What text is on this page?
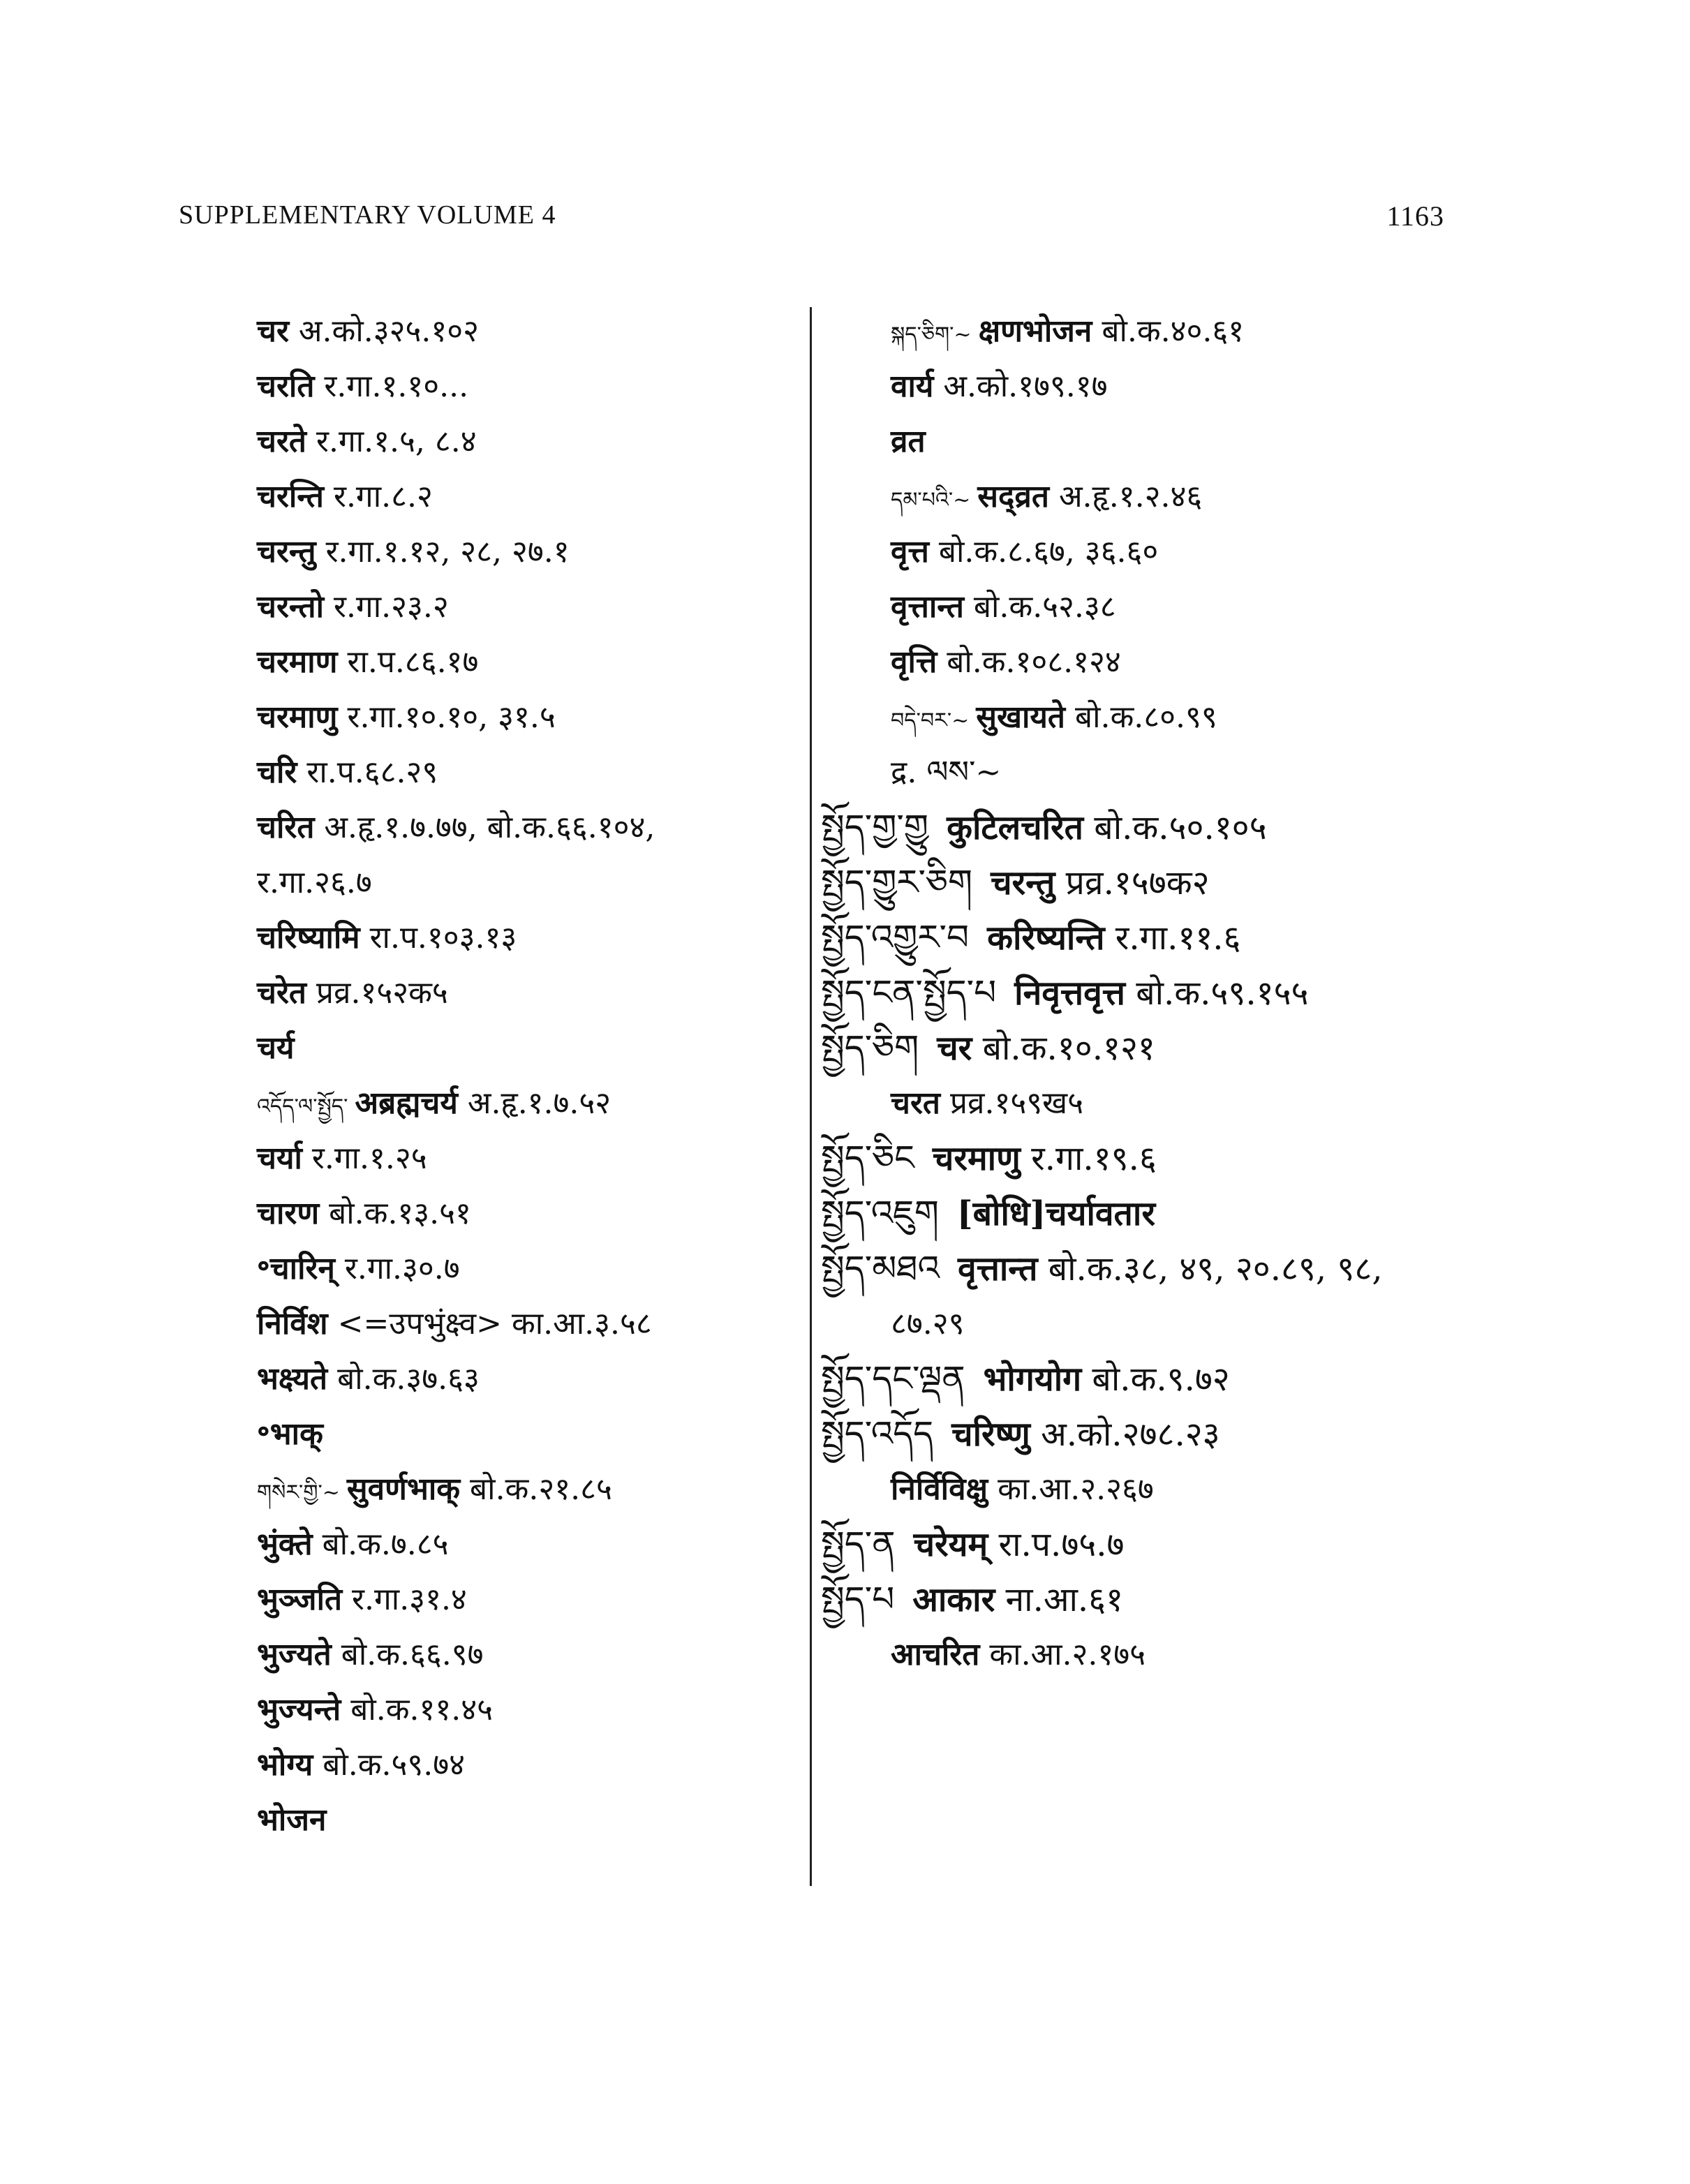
SUPPLEMENTARY VOLUME 4	1163
चर अ.को.३२५.१०२
चरति र.गा.१.१०...
चरते र.गा.१.५, ८.४
चरन्ति र.गा.८.२
चरन्तु र.गा.१.१२, २८, २७.१
चरन्तो र.गा.२३.२
चरमाण रा.प.८६.१७
चरमाणु र.गा.१०.१०, ३१.५
चरि रा.प.६८.२९
चरित अ.हृ.१.७.७७, बो.क.६६.१०४,
र.गा.२६.७
चरिष्यामि रा.प.१०३.१३
चरेत प्रव्र.१५२क५
चर्य
འདོད་ལ་སྤྱོད་ अब्रह्मचर्य अ.हृ.१.७.५२
चर्या र.गा.१.२५
चारण बो.क.१३.५१
॰चारिन् र.गा.३०.७
निर्विश <=उपभुंक्ष्व> का.आ.३.५८
भक्ष्यते बो.क.३७.६३
॰भाक्
གསེར་གྱི་~ सुवर्णभाक् बो.क.२१.८५
भुंक्ते बो.क.७.८५
भुञ्जति र.गा.३१.४
भुज्यते बो.क.६६.९७
भुज्यन्ते बो.क.११.४५
भोग्य बो.क.५९.७४
भोजन
སྐད་ཅིག་~ क्षणभोजन बो.क.४०.६१
वार्य अ.को.१७९.१७
व्रत
དམ་པའི་~ सद्व्रत अ.हृ.१.२.४६
वृत्त बो.क.८.६७, ३६.६०
वृत्तान्त बो.क.५२.३८
वृत्ति बो.क.१०८.१२४
བདེ་བར་~ सुखायते बो.क.८०.९९
द्र. ལས་~
སྤྱོད་གྱ་གྱུ कुटिलचरित बो.क.५०.१०५
སྤྱོད་གྱུར་ཅིག चरन्तु प्रव्र.१५७क२
སྤྱོད་འགྱུར་བ करिष्यन्ति र.गा.११.६
སྤྱོད་ངན་སྤྱོད་པ निवृत्तवृत्त बो.क.५९.१५५
སྤྱོད་ཅིག चर बो.क.१०.१२१
चरत प्रव्र.१५९ख५
སྤྱོད་ཅིང चरमाणु र.गा.१९.६
སྤྱོད་འཇུག [बोधि]चर्यावतार
སྤྱོད་མཐའ वृत्तान्त बो.क.३८, ४९, २०.८९, ९८,
८७.२९
སྤྱོད་དང་ལྡན भोगयोग बो.क.९.७२
སྤྱོད་འདོད चरिष्णु अ.को.२७८.२३
निर्विविक्षु का.आ.२.२६७
སྤྱོད་ན चरेयम् रा.प.७५.७
སྤྱོད་པ आकार ना.आ.६१
आचरित का.आ.२.१७५
